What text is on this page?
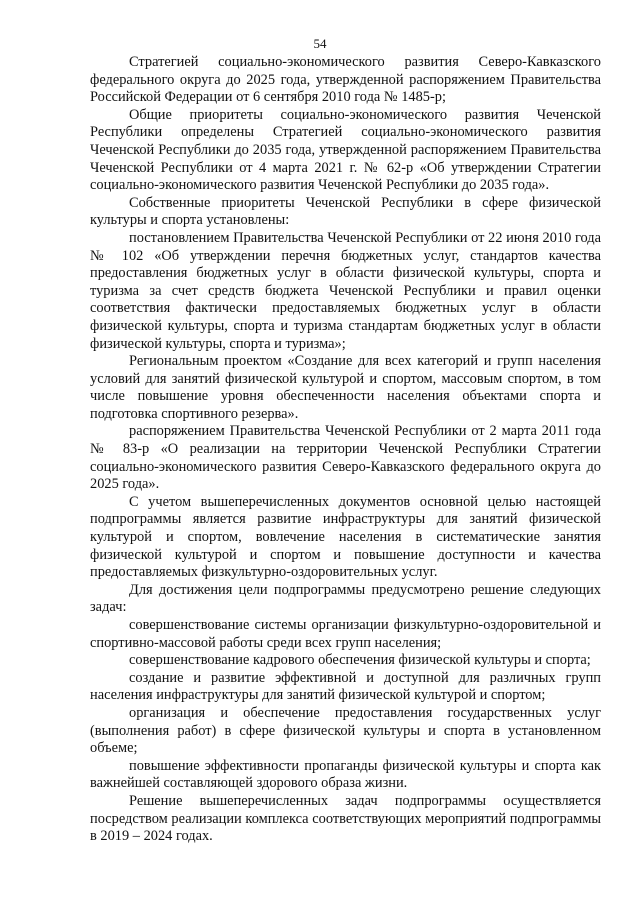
54

Стратегией социально-экономического развития Северо-Кавказского федерального округа до 2025 года, утвержденной распоряжением Правительства Российской Федерации от 6 сентября 2010 года № 1485-р;

Общие приоритеты социально-экономического развития Чеченской Республики определены Стратегией социально-экономического развития Чеченской Республики до 2035 года, утвержденной распоряжением Правительства Чеченской Республики от 4 марта 2021 г. № 62-р «Об утверждении Стратегии социально-экономического развития Чеченской Республики до 2035 года».

Собственные приоритеты Чеченской Республики в сфере физической культуры и спорта установлены:

постановлением Правительства Чеченской Республики от 22 июня 2010 года № 102 «Об утверждении перечня бюджетных услуг, стандартов качества предоставления бюджетных услуг в области физической культуры, спорта и туризма за счет средств бюджета Чеченской Республики и правил оценки соответствия фактически предоставляемых бюджетных услуг в области физической культуры, спорта и туризма стандартам бюджетных услуг в области физической культуры, спорта и туризма»;

Региональным проектом «Создание для всех категорий и групп населения условий для занятий физической культурой и спортом, массовым спортом, в том числе повышение уровня обеспеченности населения объектами спорта и подготовка спортивного резерва».

распоряжением Правительства Чеченской Республики от 2 марта 2011 года № 83-р «О реализации на территории Чеченской Республики Стратегии социально-экономического развития Северо-Кавказского федерального округа до 2025 года».

С учетом вышеперечисленных документов основной целью настоящей подпрограммы является развитие инфраструктуры для занятий физической культурой и спортом, вовлечение населения в систематические занятия физической культурой и спортом и повышение доступности и качества предоставляемых физкультурно-оздоровительных услуг.

Для достижения цели подпрограммы предусмотрено решение следующих задач:

совершенствование системы организации физкультурно-оздоровительной и спортивно-массовой работы среди всех групп населения;

совершенствование кадрового обеспечения физической культуры и спорта;

создание и развитие эффективной и доступной для различных групп населения инфраструктуры для занятий физической культурой и спортом;

организация и обеспечение предоставления государственных услуг (выполнения работ) в сфере физической культуры и спорта в установленном объеме;

повышение эффективности пропаганды физической культуры и спорта как важнейшей составляющей здорового образа жизни.

Решение вышеперечисленных задач подпрограммы осуществляется посредством реализации комплекса соответствующих мероприятий подпрограммы в 2019 – 2024 годах.
